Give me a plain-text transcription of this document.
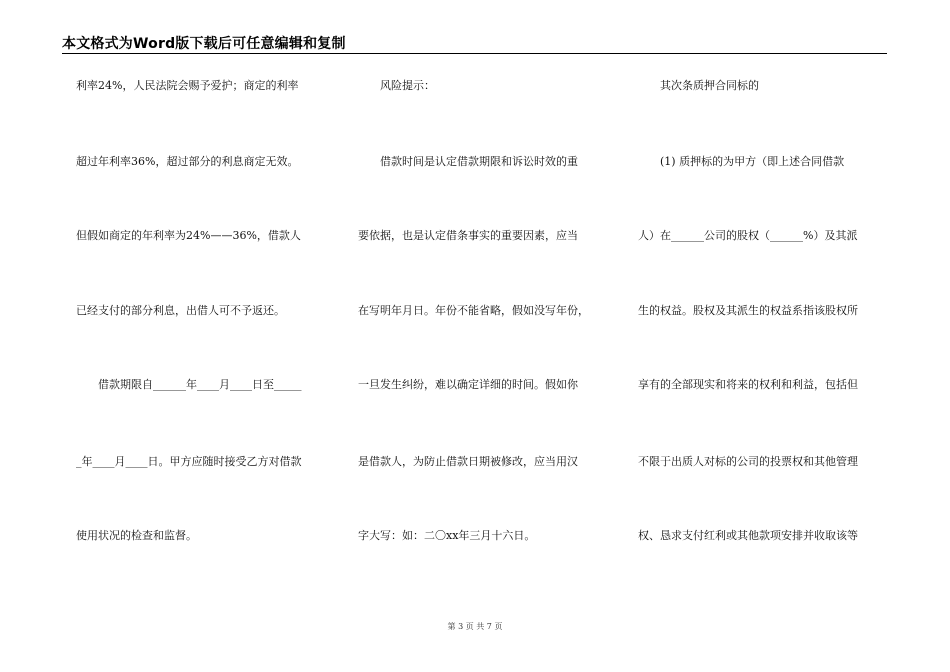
本文格式为Word版下载后可任意编辑和复制
利率24%，人民法院会赐予爱护；商定的利率
超过年利率36%，超过部分的利息商定无效。
但假如商定的年利率为24%——36%，借款人
已经支付的部分利息，出借人可不予返还。
　　借款期限自______年____月____日至_____
_年____月____日。甲方应随时接受乙方对借款
使用状况的检查和监督。
　　风险提示：
　　借款时间是认定借款期限和诉讼时效的重
要依据，也是认定借条事实的重要因素，应当
在写明年月日。年份不能省略，假如没写年份，
一旦发生纠纷，难以确定详细的时间。假如你
是借款人，为防止借款日期被修改，应当用汉
字大写：如：二〇xx年三月十六日。
　　其次条质押合同标的
　　(1) 质押标的为甲方（即上述合同借款
人）在______公司的股权（______%）及其派
生的权益。股权及其派生的权益系指该股权所
享有的全部现实和将来的权利和利益，包括但
不限于出质人对标的公司的投票权和其他管理
权、恳求支付红利或其他款项安排并收取该等
第 3 页 共 7 页
